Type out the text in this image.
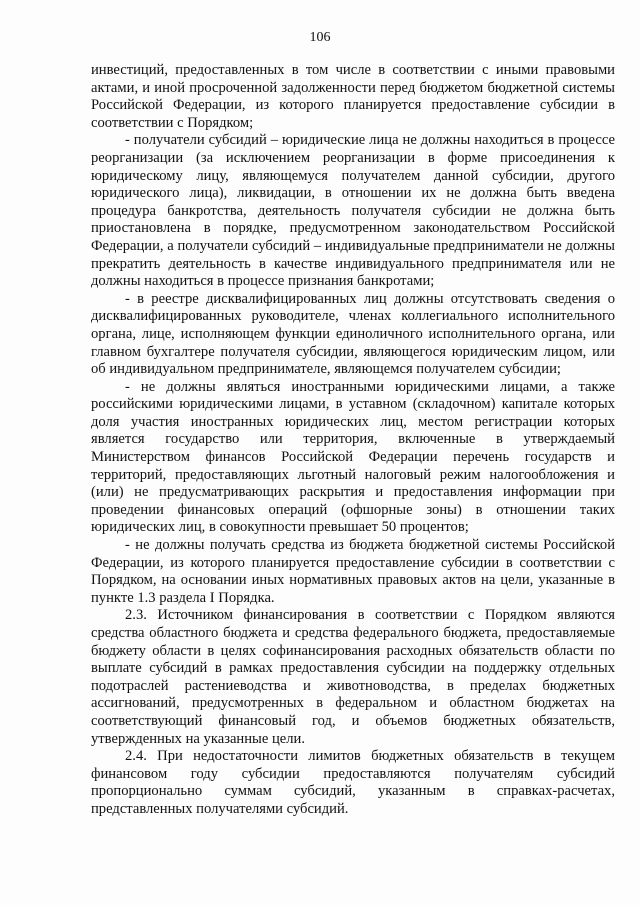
106

инвестиций, предоставленных в том числе в соответствии с иными правовыми актами, и иной просроченной задолженности перед бюджетом бюджетной системы Российской Федерации, из которого планируется предоставление субсидии в соответствии с Порядком;

- получатели субсидий – юридические лица не должны находиться в процессе реорганизации (за исключением реорганизации в форме присоединения к юридическому лицу, являющемуся получателем данной субсидии, другого юридического лица), ликвидации, в отношении их не должна быть введена процедура банкротства, деятельность получателя субсидии не должна быть приостановлена в порядке, предусмотренном законодательством Российской Федерации, а получатели субсидий – индивидуальные предприниматели не должны прекратить деятельность в качестве индивидуального предпринимателя или не должны находиться в процессе признания банкротами;

- в реестре дисквалифицированных лиц должны отсутствовать сведения о дисквалифицированных руководителе, членах коллегиального исполнительного органа, лице, исполняющем функции единоличного исполнительного органа, или главном бухгалтере получателя субсидии, являющегося юридическим лицом, или об индивидуальном предпринимателе, являющемся получателем субсидии;

- не должны являться иностранными юридическими лицами, а также российскими юридическими лицами, в уставном (складочном) капитале которых доля участия иностранных юридических лиц, местом регистрации которых является государство или территория, включенные в утверждаемый Министерством финансов Российской Федерации перечень государств и территорий, предоставляющих льготный налоговый режим налогообложения и (или) не предусматривающих раскрытия и предоставления информации при проведении финансовых операций (офшорные зоны) в отношении таких юридических лиц, в совокупности превышает 50 процентов;

- не должны получать средства из бюджета бюджетной системы Российской Федерации, из которого планируется предоставление субсидии в соответствии с Порядком, на основании иных нормативных правовых актов на цели, указанные в пункте 1.3 раздела I Порядка.

2.3. Источником финансирования в соответствии с Порядком являются средства областного бюджета и средства федерального бюджета, предоставляемые бюджету области в целях софинансирования расходных обязательств области по выплате субсидий в рамках предоставления субсидии на поддержку отдельных подотраслей растениеводства и животноводства, в пределах бюджетных ассигнований, предусмотренных в федеральном и областном бюджетах на соответствующий финансовый год, и объемов бюджетных обязательств, утвержденных на указанные цели.

2.4. При недостаточности лимитов бюджетных обязательств в текущем финансовом году субсидии предоставляются получателям субсидий пропорционально суммам субсидий, указанным в справках-расчетах, представленных получателями субсидий.
